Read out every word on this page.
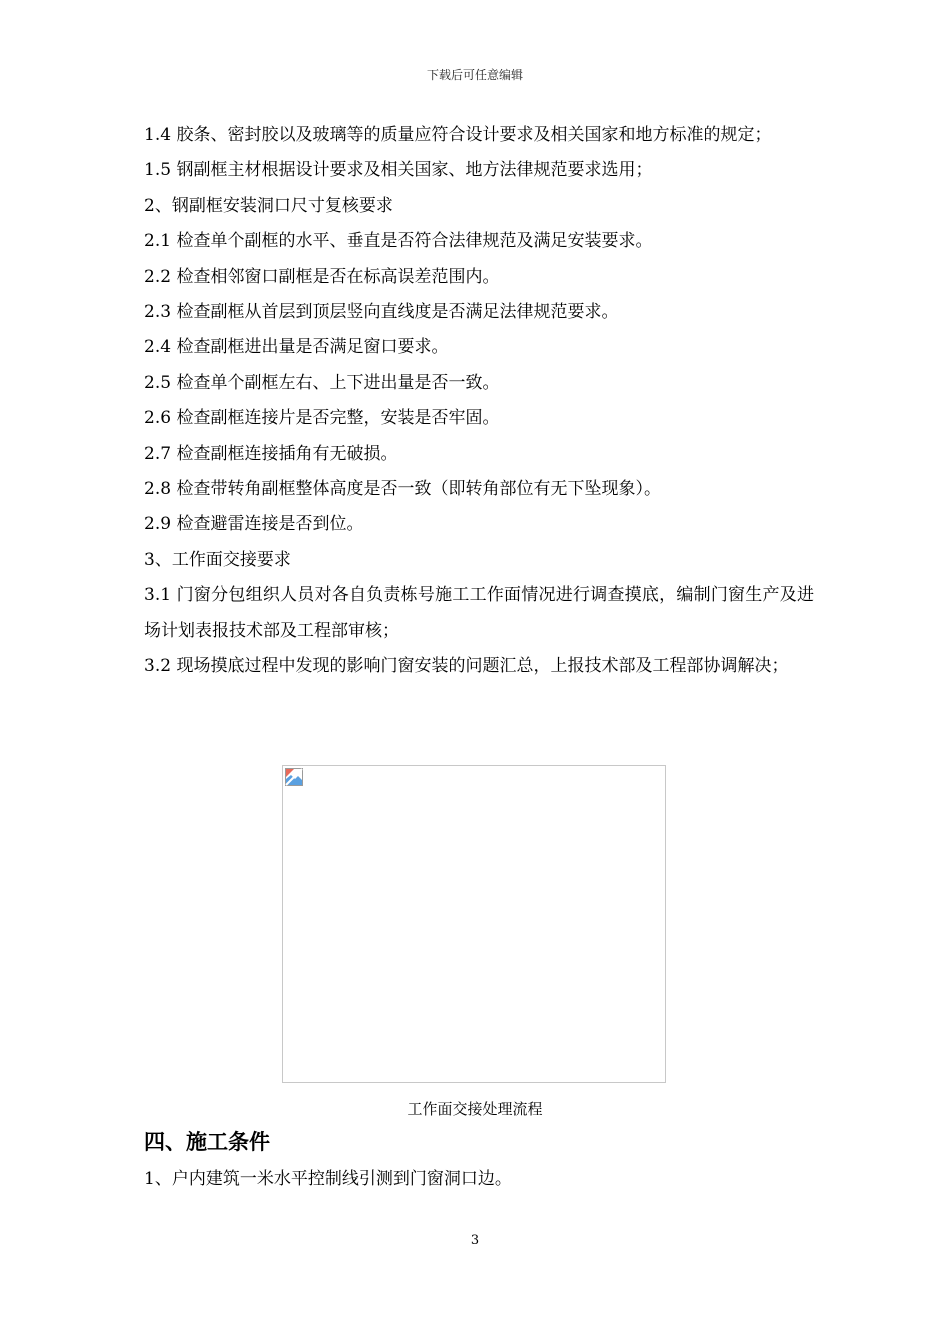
下载后可任意编辑

1.4 胶条、密封胶以及玻璃等的质量应符合设计要求及相关国家和地方标准的规定；

1.5 钢副框主材根据设计要求及相关国家、地方法律规范要求选用；

2、钢副框安装洞口尺寸复核要求

2.1 检查单个副框的水平、垂直是否符合法律规范及满足安装要求。

2.2 检查相邻窗口副框是否在标高误差范围内。

2.3 检查副框从首层到顶层竖向直线度是否满足法律规范要求。

2.4 检查副框进出量是否满足窗口要求。

2.5 检查单个副框左右、上下进出量是否一致。

2.6 检查副框连接片是否完整，安装是否牢固。

2.7 检查副框连接插角有无破损。

2.8 检查带转角副框整体高度是否一致（即转角部位有无下坠现象）。

2.9 检查避雷连接是否到位。

3、工作面交接要求

3.1 门窗分包组织人员对各自负责栋号施工工作面情况进行调查摸底，编制门窗生产及进场计划表报技术部及工程部审核；

3.2 现场摸底过程中发现的影响门窗安装的问题汇总，上报技术部及工程部协调解决；

工作面交接处理流程
四、施工条件

1、户内建筑一米水平控制线引测到门窗洞口边。

3
